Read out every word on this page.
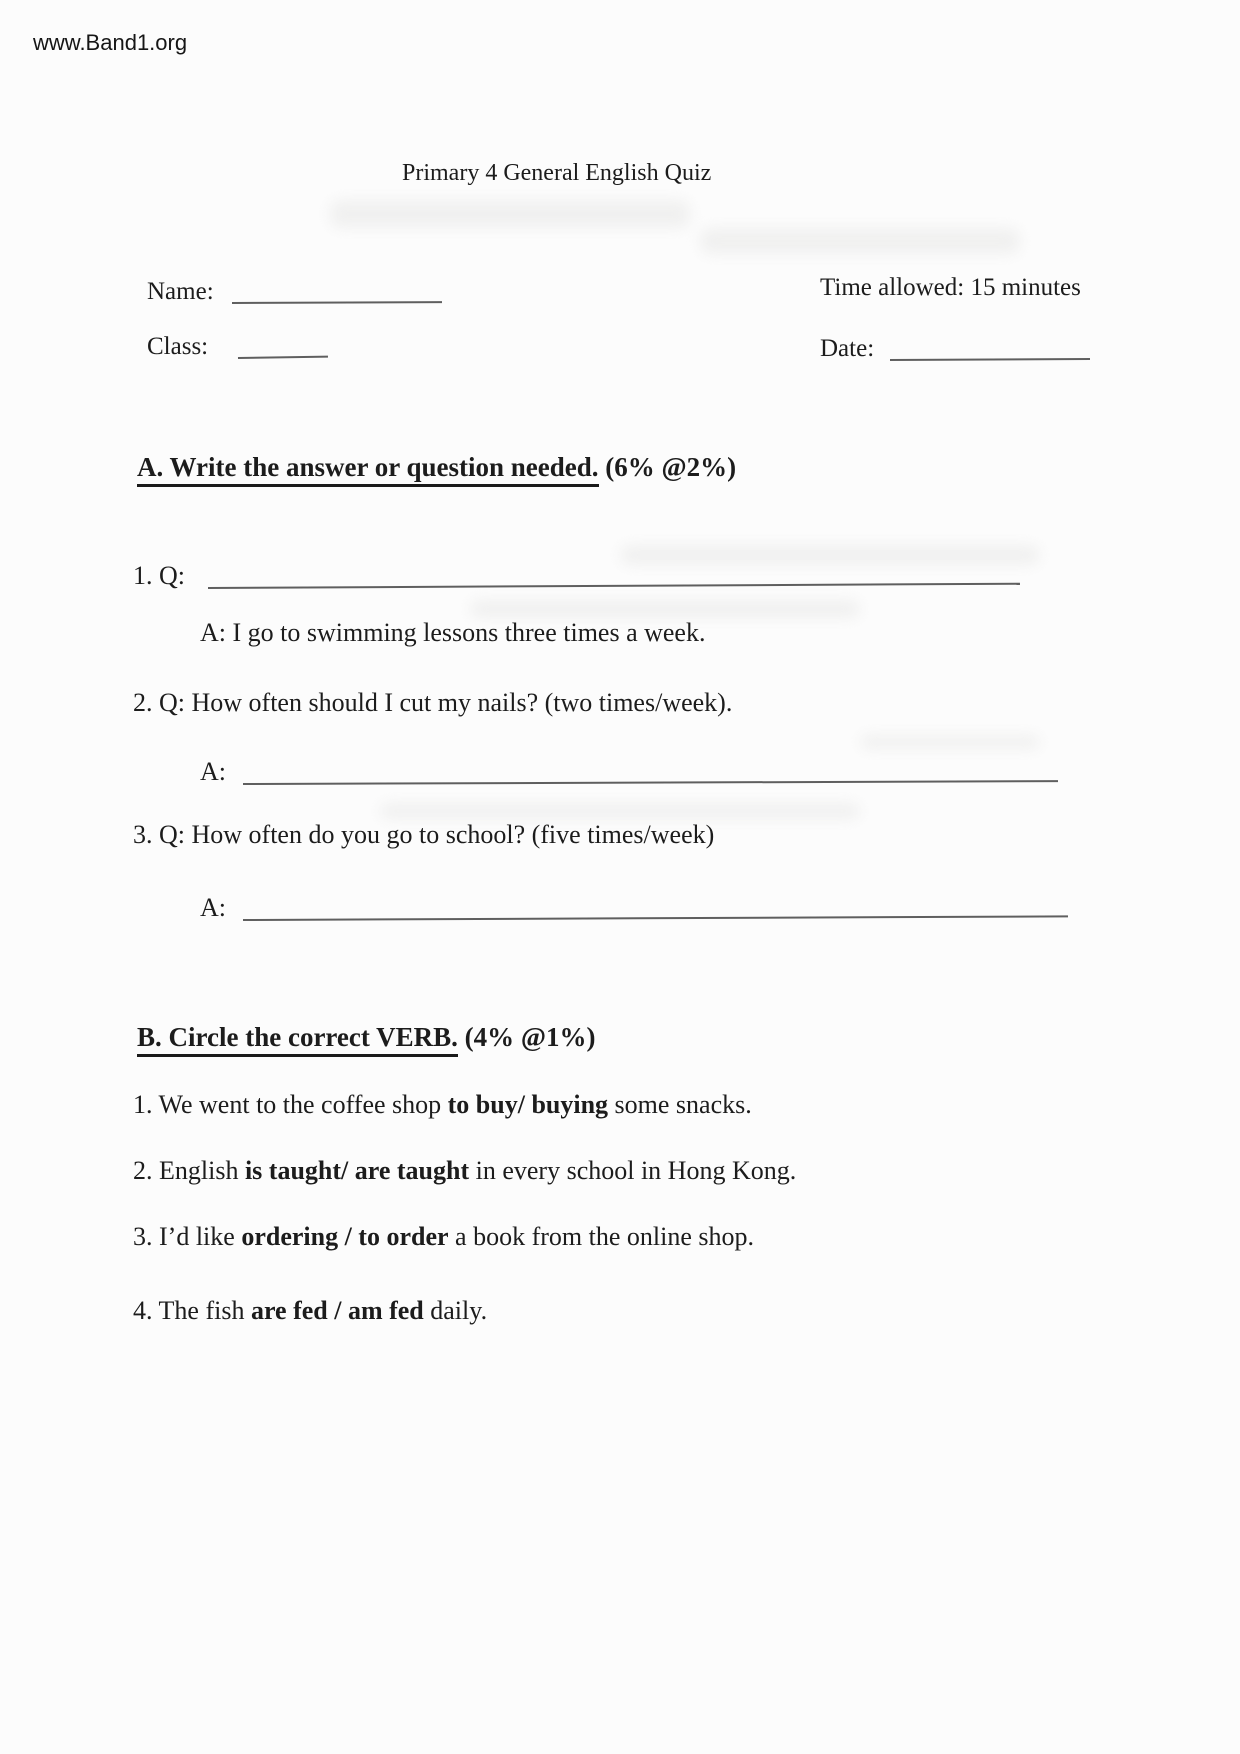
www.Band1.org
Primary 4 General English Quiz
Name:	Time allowed: 15 minutes
Class:	Date:
A. Write the answer or question needed. (6% @2%)
1. Q:
A: I go to swimming lessons three times a week.
2. Q: How often should I cut my nails? (two times/week).
A:
3. Q: How often do you go to school? (five times/week)
A:
B. Circle the correct VERB. (4% @1%)
1. We went to the coffee shop to buy/ buying some snacks.
2. English is taught/ are taught in every school in Hong Kong.
3. I’d like ordering / to order a book from the online shop.
4. The fish are fed / am fed daily.
